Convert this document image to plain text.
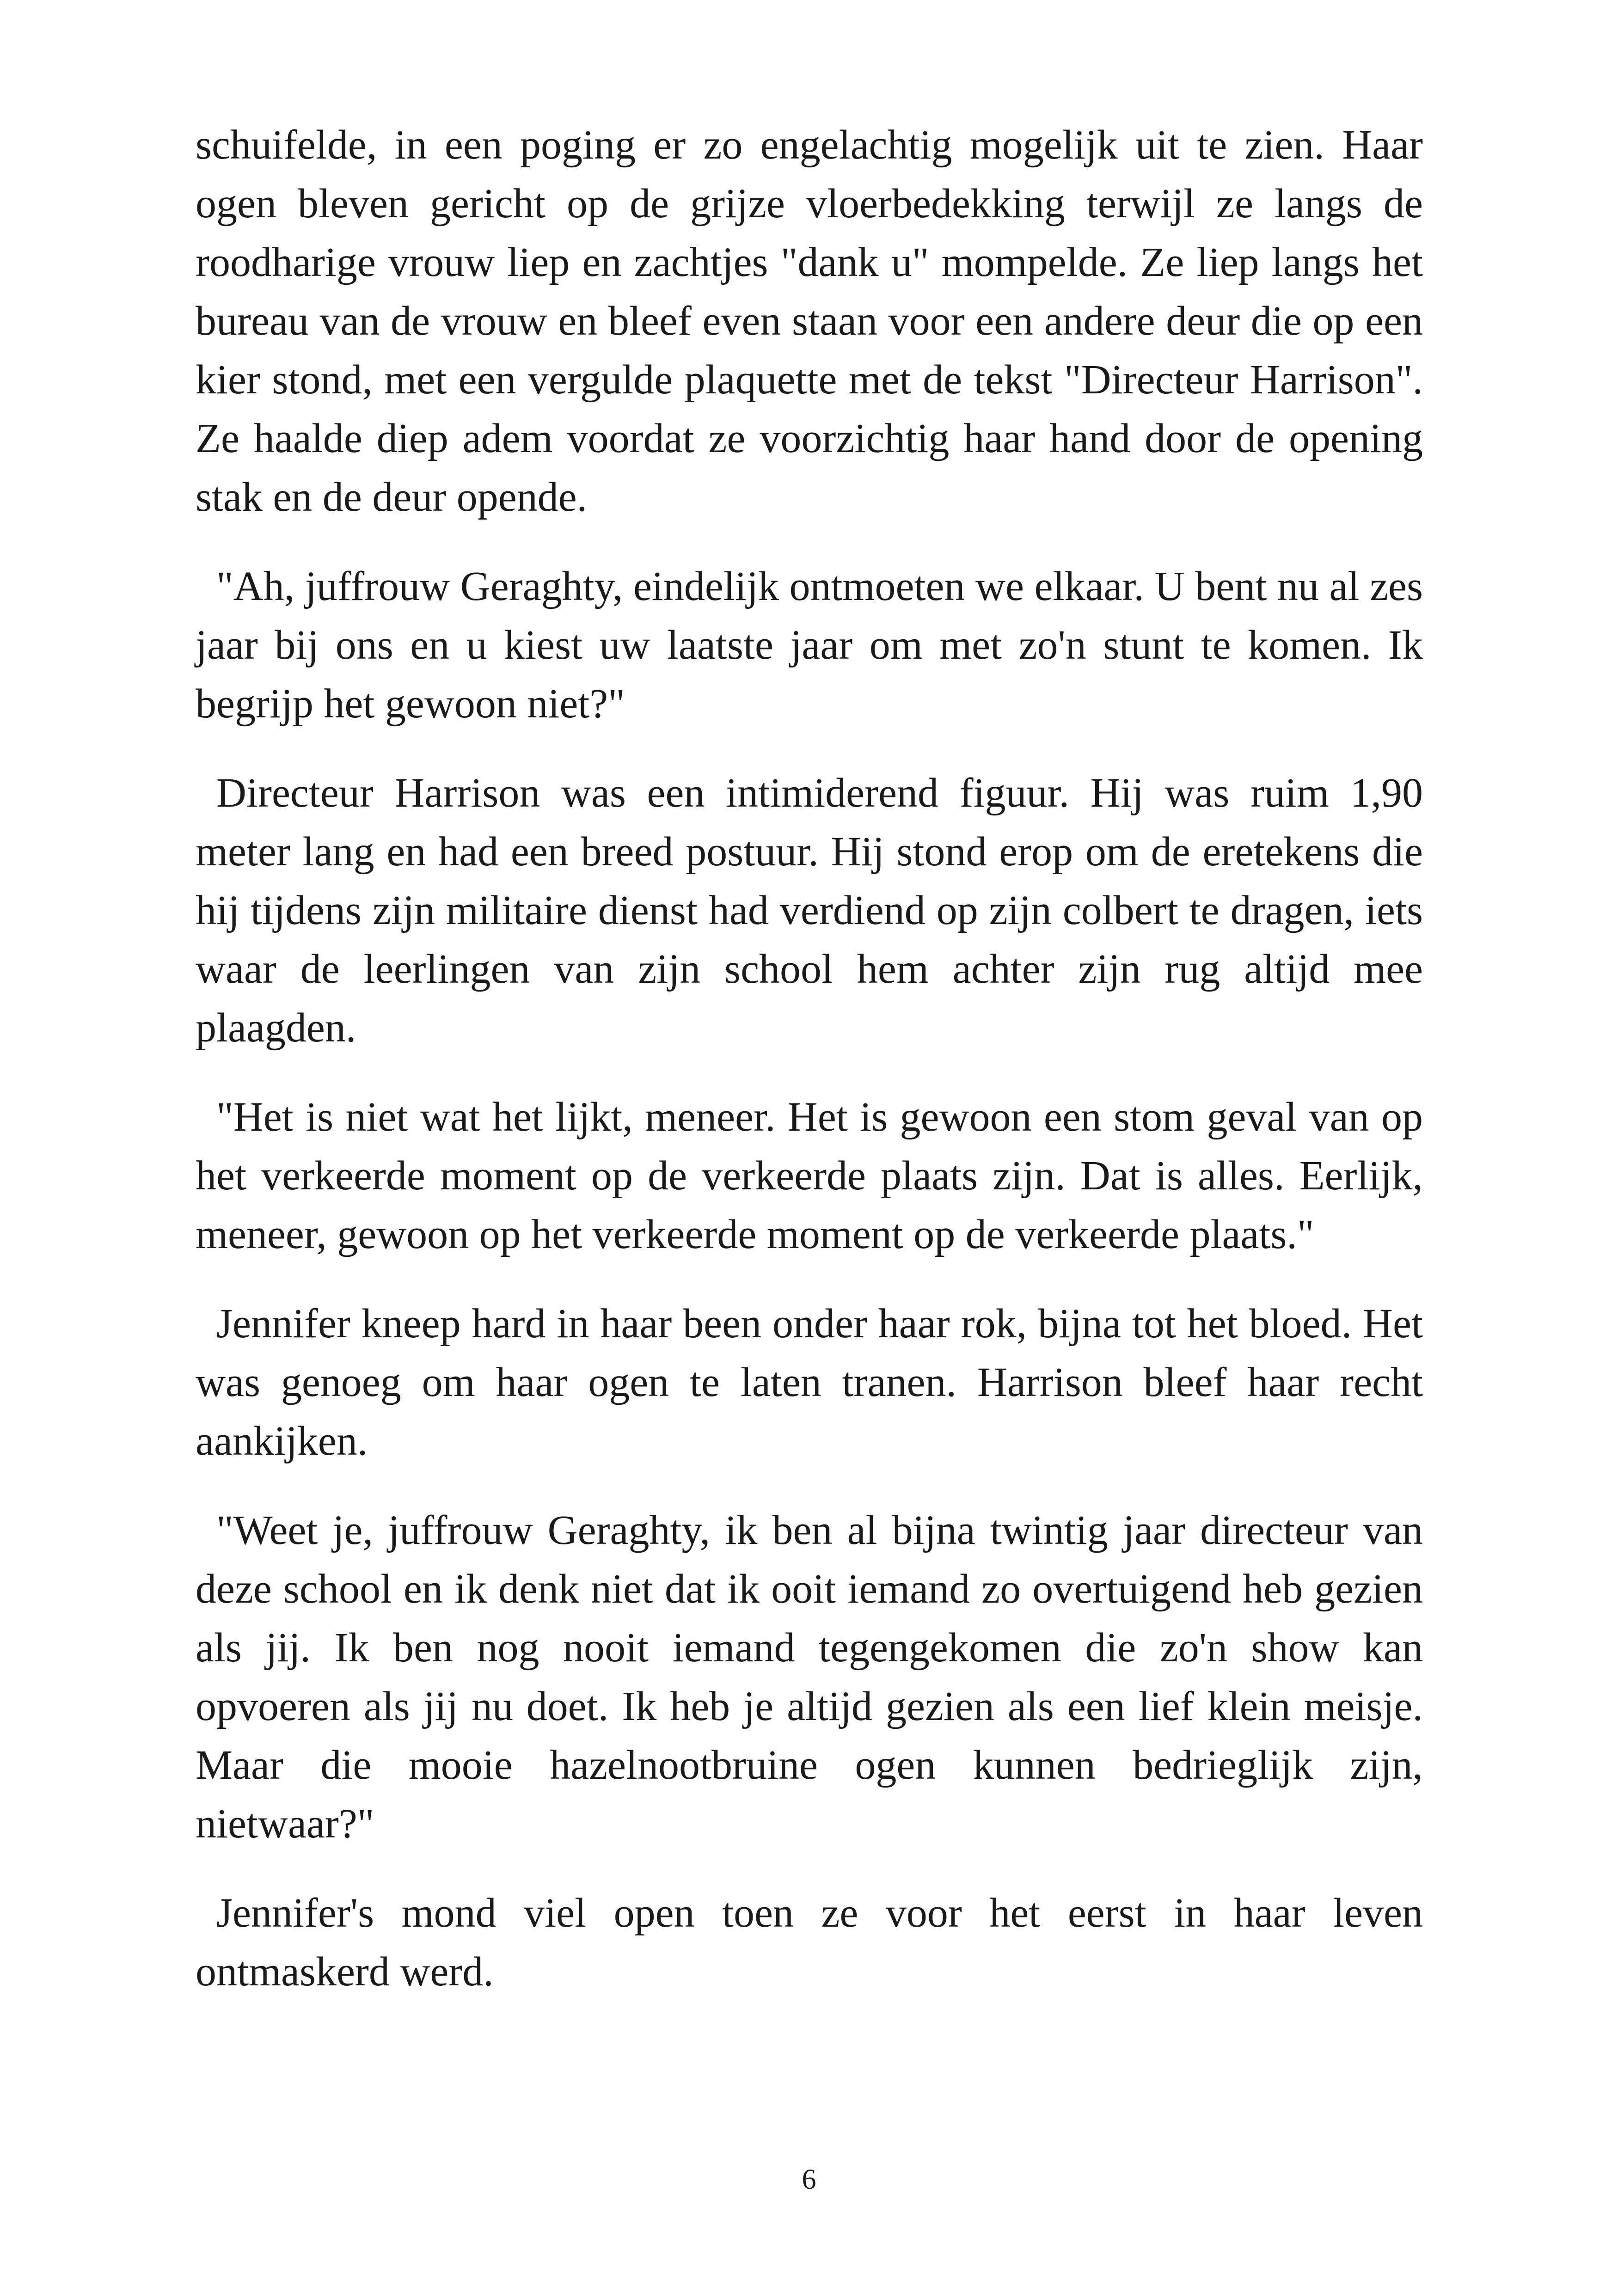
schuifelde, in een poging er zo engelachtig mogelijk uit te zien. Haar ogen bleven gericht op de grijze vloerbedekking terwijl ze langs de roodharige vrouw liep en zachtjes "dank u" mompelde. Ze liep langs het bureau van de vrouw en bleef even staan voor een andere deur die op een kier stond, met een vergulde plaquette met de tekst "Directeur Harrison". Ze haalde diep adem voordat ze voorzichtig haar hand door de opening stak en de deur opende.

"Ah, juffrouw Geraghty, eindelijk ontmoeten we elkaar. U bent nu al zes jaar bij ons en u kiest uw laatste jaar om met zo'n stunt te komen. Ik begrijp het gewoon niet?"

Directeur Harrison was een intimiderend figuur. Hij was ruim 1,90 meter lang en had een breed postuur. Hij stond erop om de eretekens die hij tijdens zijn militaire dienst had verdiend op zijn colbert te dragen, iets waar de leerlingen van zijn school hem achter zijn rug altijd mee plaagden.

"Het is niet wat het lijkt, meneer. Het is gewoon een stom geval van op het verkeerde moment op de verkeerde plaats zijn. Dat is alles. Eerlijk, meneer, gewoon op het verkeerde moment op de verkeerde plaats."

Jennifer kneep hard in haar been onder haar rok, bijna tot het bloed. Het was genoeg om haar ogen te laten tranen. Harrison bleef haar recht aankijken.

"Weet je, juffrouw Geraghty, ik ben al bijna twintig jaar directeur van deze school en ik denk niet dat ik ooit iemand zo overtuigend heb gezien als jij. Ik ben nog nooit iemand tegengekomen die zo'n show kan opvoeren als jij nu doet. Ik heb je altijd gezien als een lief klein meisje. Maar die mooie hazelnootbruine ogen kunnen bedrieglijk zijn, nietwaar?"

Jennifer's mond viel open toen ze voor het eerst in haar leven ontmaskerd werd.

6
